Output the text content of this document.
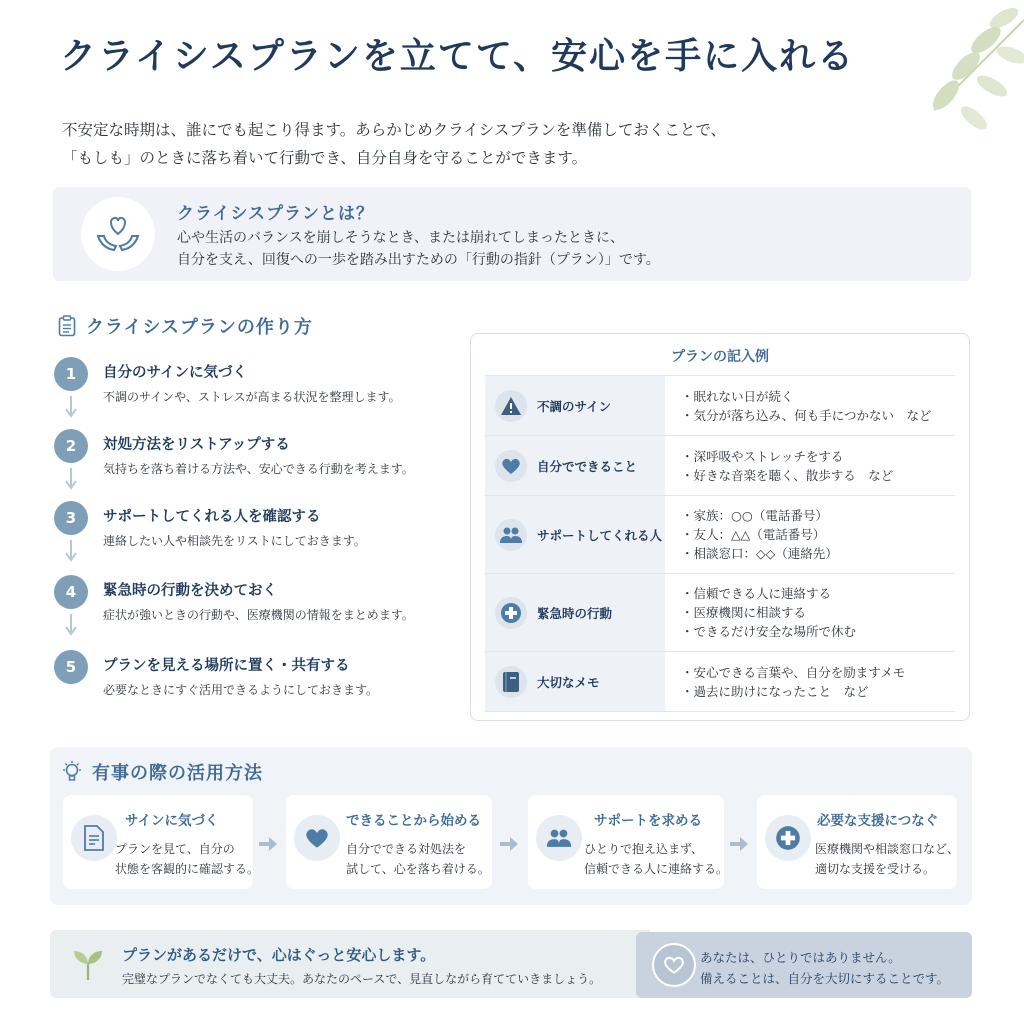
クライシスプランを立てて、安心を手に入れる
不安定な時期は、誰にでも起こり得ます。あらかじめクライシスプランを準備しておくことで、
「もしも」のときに落ち着いて行動でき、自分自身を守ることができます。
クライシスプランとは？
心や生活のバランスを崩しそうなとき、または崩れてしまったときに、
自分を支え、回復への一歩を踏み出すための「行動の指針（プラン）」です。
クライシスプランの作り方
1	自分のサインに気づく
不調のサインや、ストレスが高まる状況を整理します。
2	対処方法をリストアップする
気持ちを落ち着ける方法や、安心できる行動を考えます。
3	サポートしてくれる人を確認する
連絡したい人や相談先をリストにしておきます。
4	緊急時の行動を決めておく
症状が強いときの行動や、医療機関の情報をまとめます。
5	プランを見える場所に置く・共有する
必要なときにすぐ活用できるようにしておきます。
プランの記入例
不調のサイン
・眠れない日が続く
・気分が落ち込み、何も手につかない　など
自分でできること
・深呼吸やストレッチをする
・好きな音楽を聴く、散歩する　など
サポートしてくれる人
・家族：○○（電話番号）
・友人：△△（電話番号）
・相談窓口：◇◇（連絡先）
緊急時の行動
・信頼できる人に連絡する
・医療機関に相談する
・できるだけ安全な場所で休む
大切なメモ
・安心できる言葉や、自分を励ますメモ
・過去に助けになったこと　など
有事の際の活用方法
サインに気づく
プランを見て、自分の
状態を客観的に確認する。
できることから始める
自分でできる対処法を
試して、心を落ち着ける。
サポートを求める
ひとりで抱え込まず、
信頼できる人に連絡する。
必要な支援につなぐ
医療機関や相談窓口など、
適切な支援を受ける。
プランがあるだけで、心はぐっと安心します。
完璧なプランでなくても大丈夫。あなたのペースで、見直しながら育てていきましょう。
あなたは、ひとりではありません。
備えることは、自分を大切にすることです。
